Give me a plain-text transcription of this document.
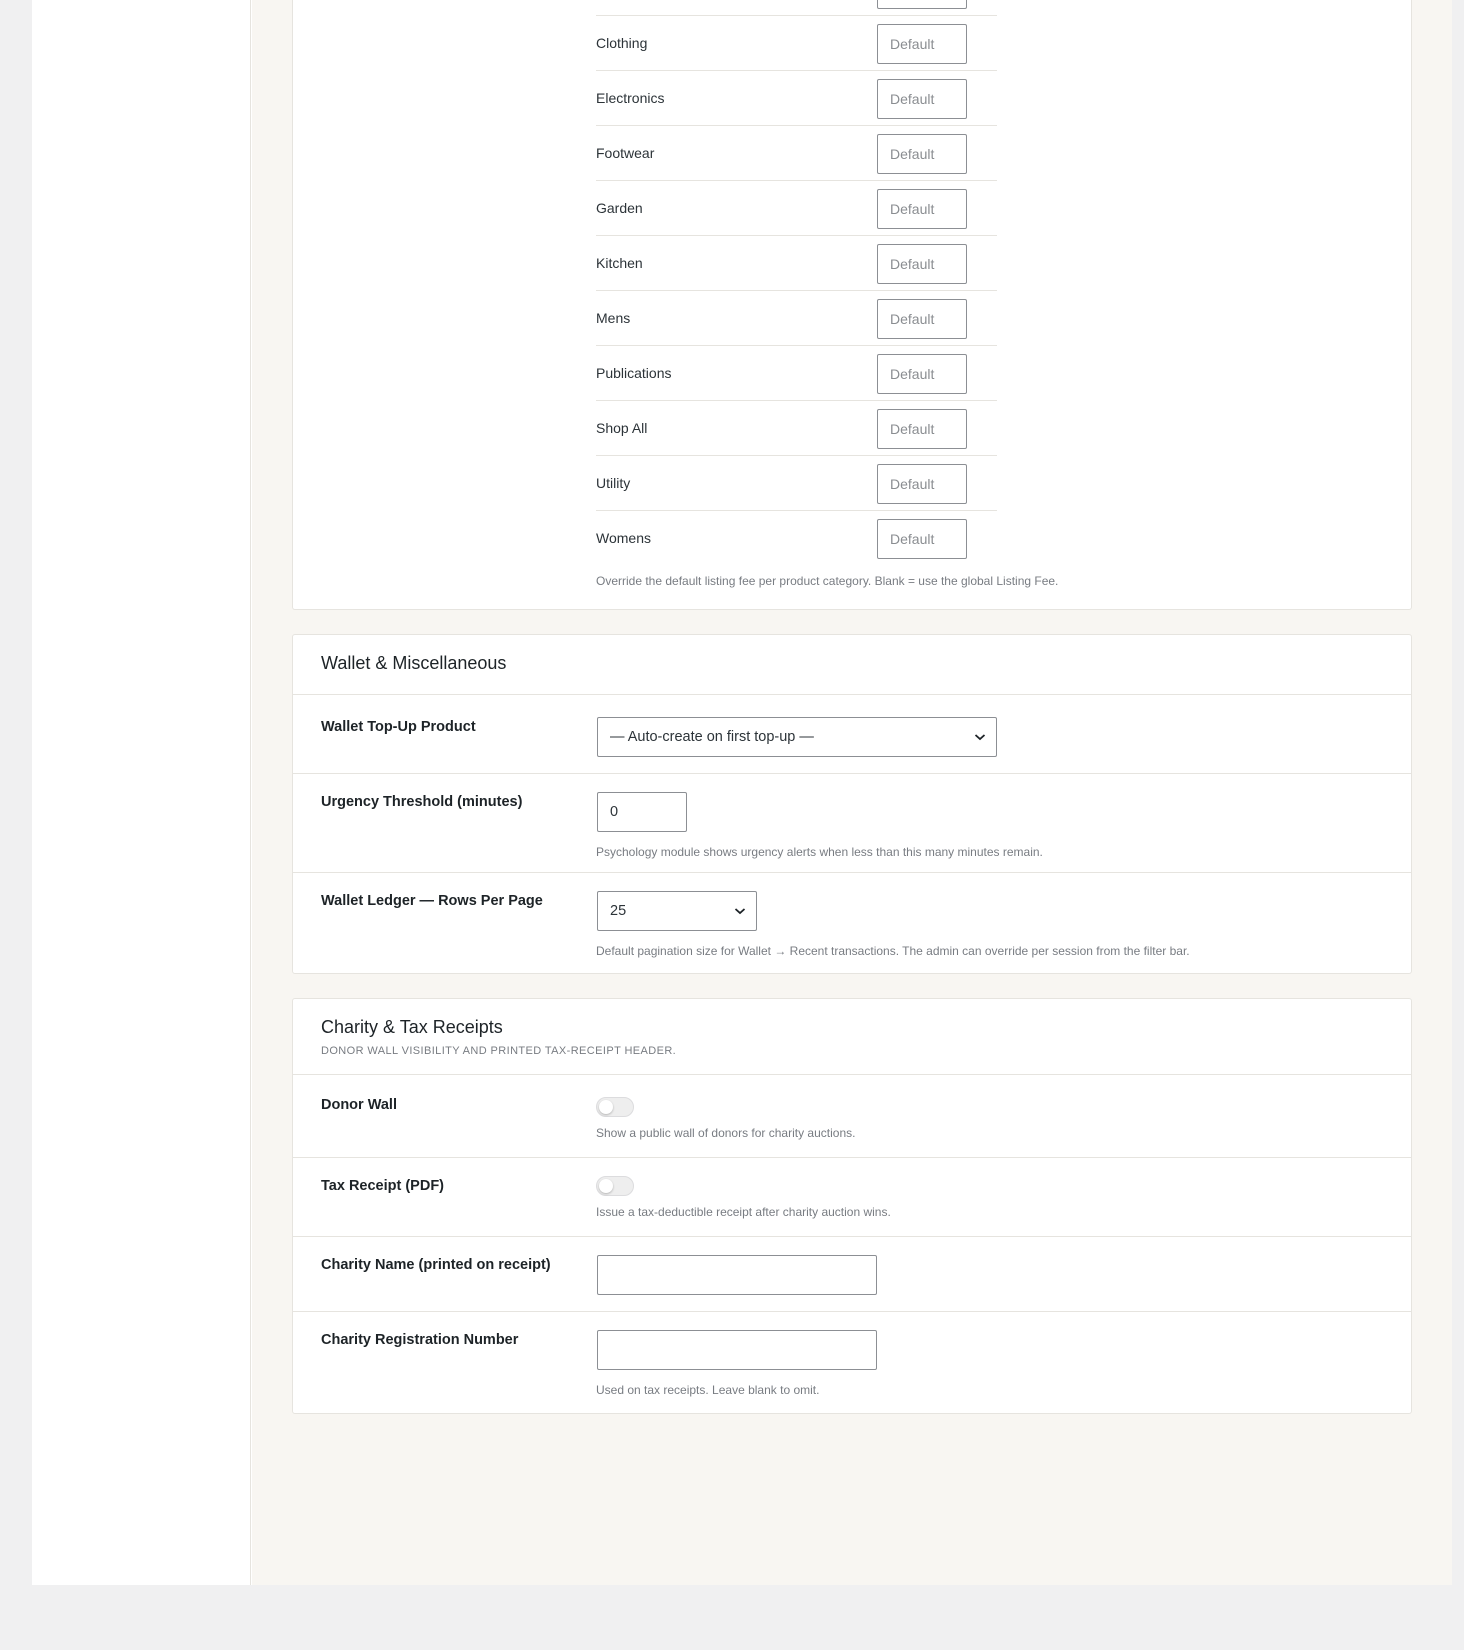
Default
Clothing
Default
Electronics
Default
Footwear
Default
Garden
Default
Kitchen
Default
Mens
Default
Publications
Default
Shop All
Default
Utility
Default
Womens
Default
Override the default listing fee per product category. Blank = use the global Listing Fee.
Wallet & Miscellaneous
Wallet Top-Up Product
— Auto-create on first top-up —
Urgency Threshold (minutes)
0
Psychology module shows urgency alerts when less than this many minutes remain.
Wallet Ledger — Rows Per Page
25
Default pagination size for Wallet → Recent transactions. The admin can override per session from the filter bar.
Charity & Tax Receipts
DONOR WALL VISIBILITY AND PRINTED TAX-RECEIPT HEADER.
Donor Wall
Show a public wall of donors for charity auctions.
Tax Receipt (PDF)
Issue a tax-deductible receipt after charity auction wins.
Charity Name (printed on receipt)
Charity Registration Number
Used on tax receipts. Leave blank to omit.
